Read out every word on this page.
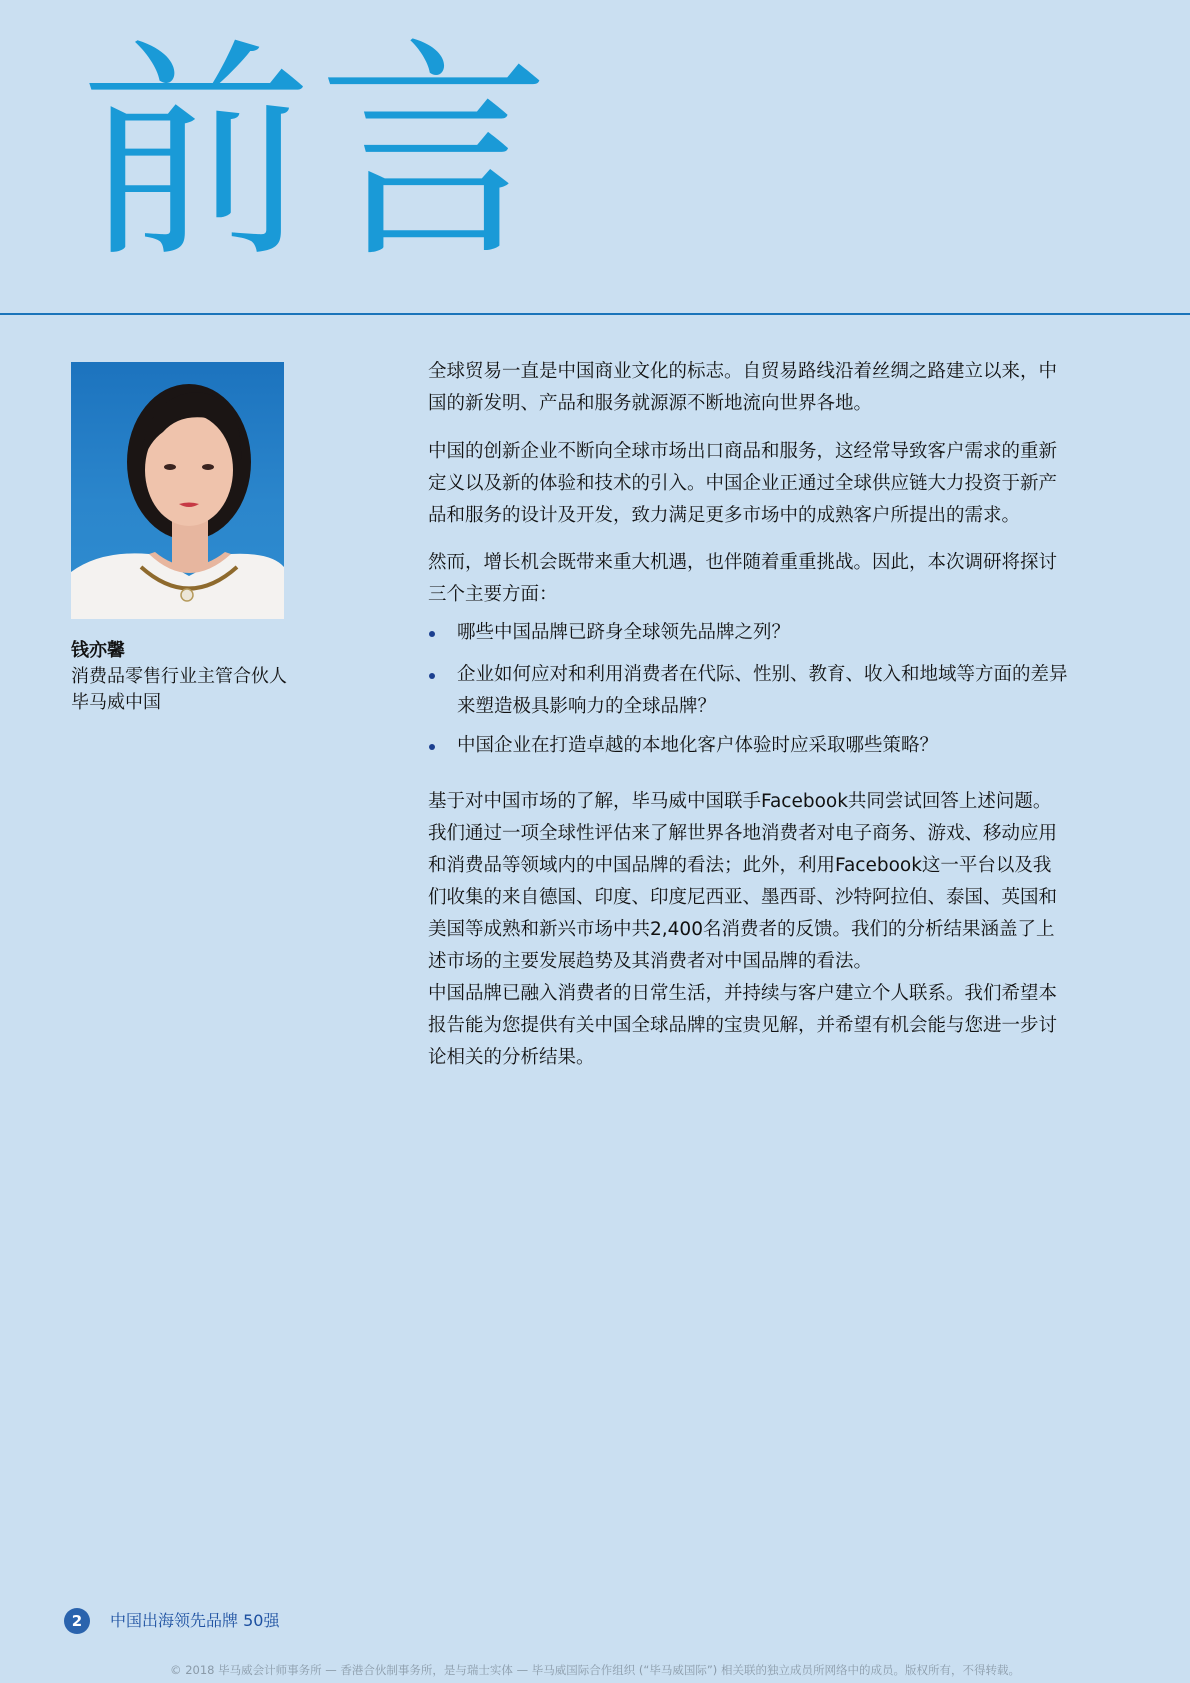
前言
钱亦馨
消费品零售行业主管合伙人
毕马威中国
全球贸易一直是中国商业文化的标志。自贸易路线沿着丝绸之路建立以来，中
国的新发明、产品和服务就源源不断地流向世界各地。
中国的创新企业不断向全球市场出口商品和服务，这经常导致客户需求的重新
定义以及新的体验和技术的引入。中国企业正通过全球供应链大力投资于新产
品和服务的设计及开发，致力满足更多市场中的成熟客户所提出的需求。
然而，增长机会既带来重大机遇，也伴随着重重挑战。因此，本次调研将探讨
三个主要方面：
哪些中国品牌已跻身全球领先品牌之列？
企业如何应对和利用消费者在代际、性别、教育、收入和地域等方面的差异
来塑造极具影响力的全球品牌？
中国企业在打造卓越的本地化客户体验时应采取哪些策略？
基于对中国市场的了解，毕马威中国联手Facebook共同尝试回答上述问题。
我们通过一项全球性评估来了解世界各地消费者对电子商务、游戏、移动应用
和消费品等领域内的中国品牌的看法；此外，利用Facebook这一平台以及我
们收集的来自德国、印度、印度尼西亚、墨西哥、沙特阿拉伯、泰国、英国和
美国等成熟和新兴市场中共2,400名消费者的反馈。我们的分析结果涵盖了上
述市场的主要发展趋势及其消费者对中国品牌的看法。
中国品牌已融入消费者的日常生活，并持续与客户建立个人联系。我们希望本
报告能为您提供有关中国全球品牌的宝贵见解，并希望有机会能与您进一步讨
论相关的分析结果。
2	中国出海领先品牌 50强
© 2018 毕马威会计师事务所 — 香港合伙制事务所，是与瑞士实体 — 毕马威国际合作组织 (“毕马威国际”) 相关联的独立成员所网络中的成员。版权所有，不得转载。
